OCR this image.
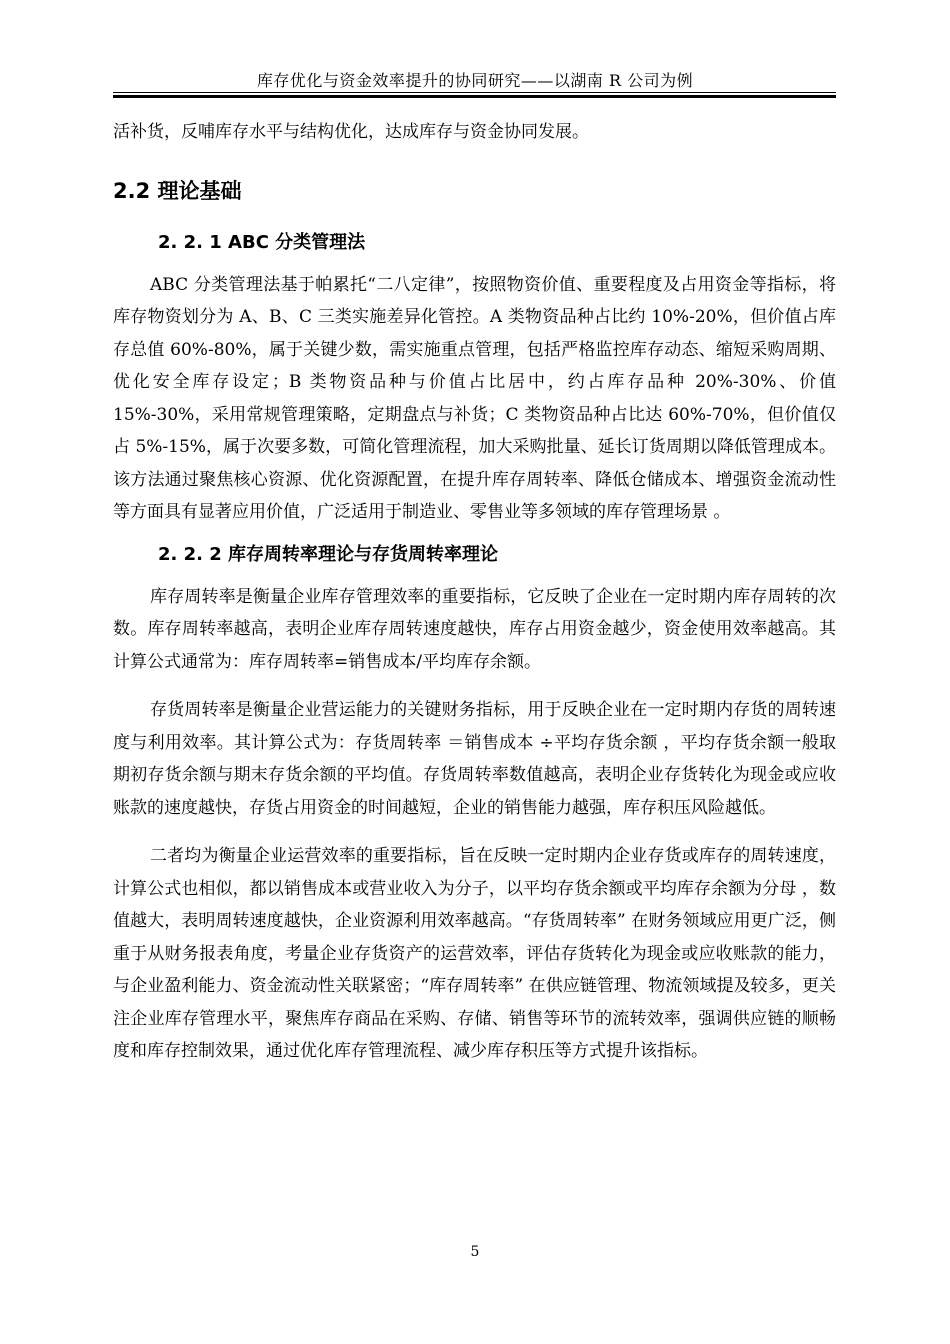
库存优化与资金效率提升的协同研究——以湖南 R 公司为例

活补货，反哺库存水平与结构优化，达成库存与资金协同发展。

2.2 理论基础
2. 2. 1 ABC 分类管理法

ABC 分类管理法基于帕累托“二八定律”，按照物资价值、重要程度及占用资金等指标，将库存物资划分为 A、B、C 三类实施差异化管控。A 类物资品种占比约 10%-20%，但价值占库存总值 60%-80%，属于关键少数，需实施重点管理，包括严格监控库存动态、缩短采购周期、优化安全库存设定；B 类物资品种与价值占比居中，约占库存品种 20%-30%、价值 15%-30%，采用常规管理策略，定期盘点与补货；C 类物资品种占比达 60%-70%，但价值仅占 5%-15%，属于次要多数，可简化管理流程，加大采购批量、延长订货周期以降低管理成本。该方法通过聚焦核心资源、优化资源配置，在提升库存周转率、降低仓储成本、增强资金流动性等方面具有显著应用价值，广泛适用于制造业、零售业等多领域的库存管理场景 。

2. 2. 2 库存周转率理论与存货周转率理论

库存周转率是衡量企业库存管理效率的重要指标，它反映了企业在一定时期内库存周转的次数。库存周转率越高，表明企业库存周转速度越快，库存占用资金越少，资金使用效率越高。其计算公式通常为：库存周转率=销售成本/平均库存余额。

存货周转率是衡量企业营运能力的关键财务指标，用于反映企业在一定时期内存货的周转速度与利用效率。其计算公式为：存货周转率 ＝销售成本 ÷平均存货余额 ，平均存货余额一般取期初存货余额与期末存货余额的平均值。存货周转率数值越高，表明企业存货转化为现金或应收账款的速度越快，存货占用资金的时间越短，企业的销售能力越强，库存积压风险越低。

二者均为衡量企业运营效率的重要指标，旨在反映一定时期内企业存货或库存的周转速度，计算公式也相似，都以销售成本或营业收入为分子，以平均存货余额或平均库存余额为分母 ，数值越大，表明周转速度越快，企业资源利用效率越高。“存货周转率” 在财务领域应用更广泛，侧重于从财务报表角度，考量企业存货资产的运营效率，评估存货转化为现金或应收账款的能力，与企业盈利能力、资金流动性关联紧密；“库存周转率” 在供应链管理、物流领域提及较多，更关注企业库存管理水平，聚焦库存商品在采购、存储、销售等环节的流转效率，强调供应链的顺畅度和库存控制效果，通过优化库存管理流程、减少库存积压等方式提升该指标。

5
